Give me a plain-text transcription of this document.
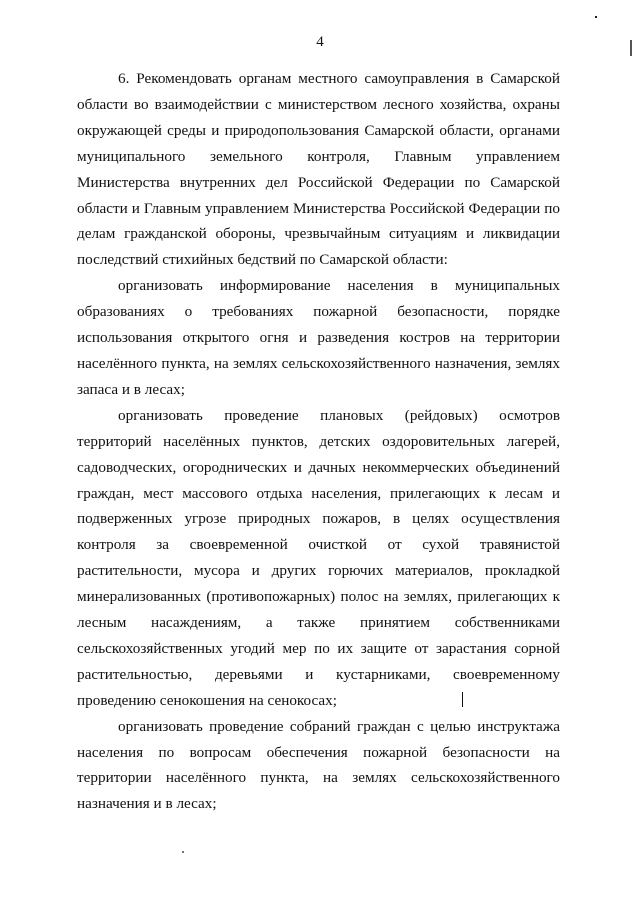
4

6. Рекомендовать органам местного самоуправления в Самарской области во взаимодействии с министерством лесного хозяйства, охраны окружающей среды и природопользования Самарской области, органами муниципального земельного контроля, Главным управлением Министерства внутренних дел Российской Федерации по Самарской области и Главным управлением Министерства Российской Федерации по делам гражданской обороны, чрезвычайным ситуациям и ликвидации последствий стихийных бедствий по Самарской области:

организовать информирование населения в муниципальных образованиях о требованиях пожарной безопасности, порядке использования открытого огня и разведения костров на территории населённого пункта, на землях сельскохозяйственного назначения, землях запаса и в лесах;

организовать проведение плановых (рейдовых) осмотров территорий населённых пунктов, детских оздоровительных лагерей, садоводческих, огороднических и дачных некоммерческих объединений граждан, мест массового отдыха населения, прилегающих к лесам и подверженных угрозе природных пожаров, в целях осуществления контроля за своевременной очисткой от сухой травянистой растительности, мусора и других горючих материалов, прокладкой минерализованных (противопожарных) полос на землях, прилегающих к лесным насаждениям, а также принятием собственниками сельскохозяйственных угодий мер по их защите от зарастания сорной растительностью, деревьями и кустарниками, своевременному проведению сенокошения на сенокосах;

организовать проведение собраний граждан с целью инструктажа населения по вопросам обеспечения пожарной безопасности на территории населённого пункта, на землях сельскохозяйственного назначения и в лесах;
